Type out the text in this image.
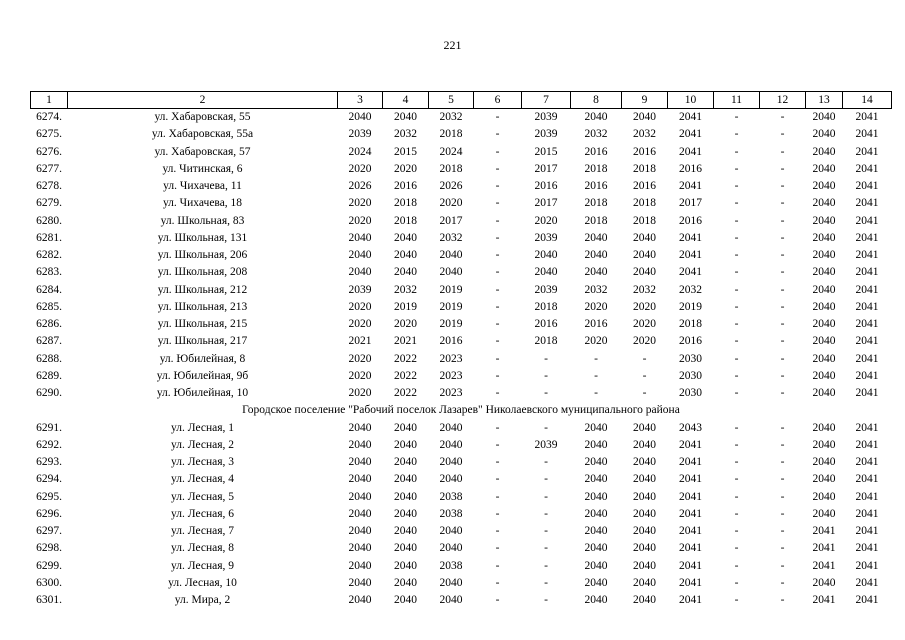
221
1	2	3	4	5	6	7	8	9	10	11	12	13	14
6274.	ул. Хабаровская, 55	2040	2040	2032	-	2039	2040	2040	2041	-	-	2040	2041
6275.	ул. Хабаровская, 55а	2039	2032	2018	-	2039	2032	2032	2041	-	-	2040	2041
6276.	ул. Хабаровская, 57	2024	2015	2024	-	2015	2016	2016	2041	-	-	2040	2041
6277.	ул. Читинская, 6	2020	2020	2018	-	2017	2018	2018	2016	-	-	2040	2041
6278.	ул. Чихачева, 11	2026	2016	2026	-	2016	2016	2016	2041	-	-	2040	2041
6279.	ул. Чихачева, 18	2020	2018	2020	-	2017	2018	2018	2017	-	-	2040	2041
6280.	ул. Школьная, 83	2020	2018	2017	-	2020	2018	2018	2016	-	-	2040	2041
6281.	ул. Школьная, 131	2040	2040	2032	-	2039	2040	2040	2041	-	-	2040	2041
6282.	ул. Школьная, 206	2040	2040	2040	-	2040	2040	2040	2041	-	-	2040	2041
6283.	ул. Школьная, 208	2040	2040	2040	-	2040	2040	2040	2041	-	-	2040	2041
6284.	ул. Школьная, 212	2039	2032	2019	-	2039	2032	2032	2032	-	-	2040	2041
6285.	ул. Школьная, 213	2020	2019	2019	-	2018	2020	2020	2019	-	-	2040	2041
6286.	ул. Школьная, 215	2020	2020	2019	-	2016	2016	2020	2018	-	-	2040	2041
6287.	ул. Школьная, 217	2021	2021	2016	-	2018	2020	2020	2016	-	-	2040	2041
6288.	ул. Юбилейная, 8	2020	2022	2023	-	-	-	-	2030	-	-	2040	2041
6289.	ул. Юбилейная, 9б	2020	2022	2023	-	-	-	-	2030	-	-	2040	2041
6290.	ул. Юбилейная, 10	2020	2022	2023	-	-	-	-	2030	-	-	2040	2041
Городское поселение "Рабочий поселок Лазарев" Николаевского муниципального района													
6291.	ул. Лесная, 1	2040	2040	2040	-	-	2040	2040	2043	-	-	2040	2041
6292.	ул. Лесная, 2	2040	2040	2040	-	2039	2040	2040	2041	-	-	2040	2041
6293.	ул. Лесная, 3	2040	2040	2040	-	-	2040	2040	2041	-	-	2040	2041
6294.	ул. Лесная, 4	2040	2040	2040	-	-	2040	2040	2041	-	-	2040	2041
6295.	ул. Лесная, 5	2040	2040	2038	-	-	2040	2040	2041	-	-	2040	2041
6296.	ул. Лесная, 6	2040	2040	2038	-	-	2040	2040	2041	-	-	2040	2041
6297.	ул. Лесная, 7	2040	2040	2040	-	-	2040	2040	2041	-	-	2041	2041
6298.	ул. Лесная, 8	2040	2040	2040	-	-	2040	2040	2041	-	-	2041	2041
6299.	ул. Лесная, 9	2040	2040	2038	-	-	2040	2040	2041	-	-	2041	2041
6300.	ул. Лесная, 10	2040	2040	2040	-	-	2040	2040	2041	-	-	2040	2041
6301.	ул. Мира, 2	2040	2040	2040	-	-	2040	2040	2041	-	-	2041	2041
